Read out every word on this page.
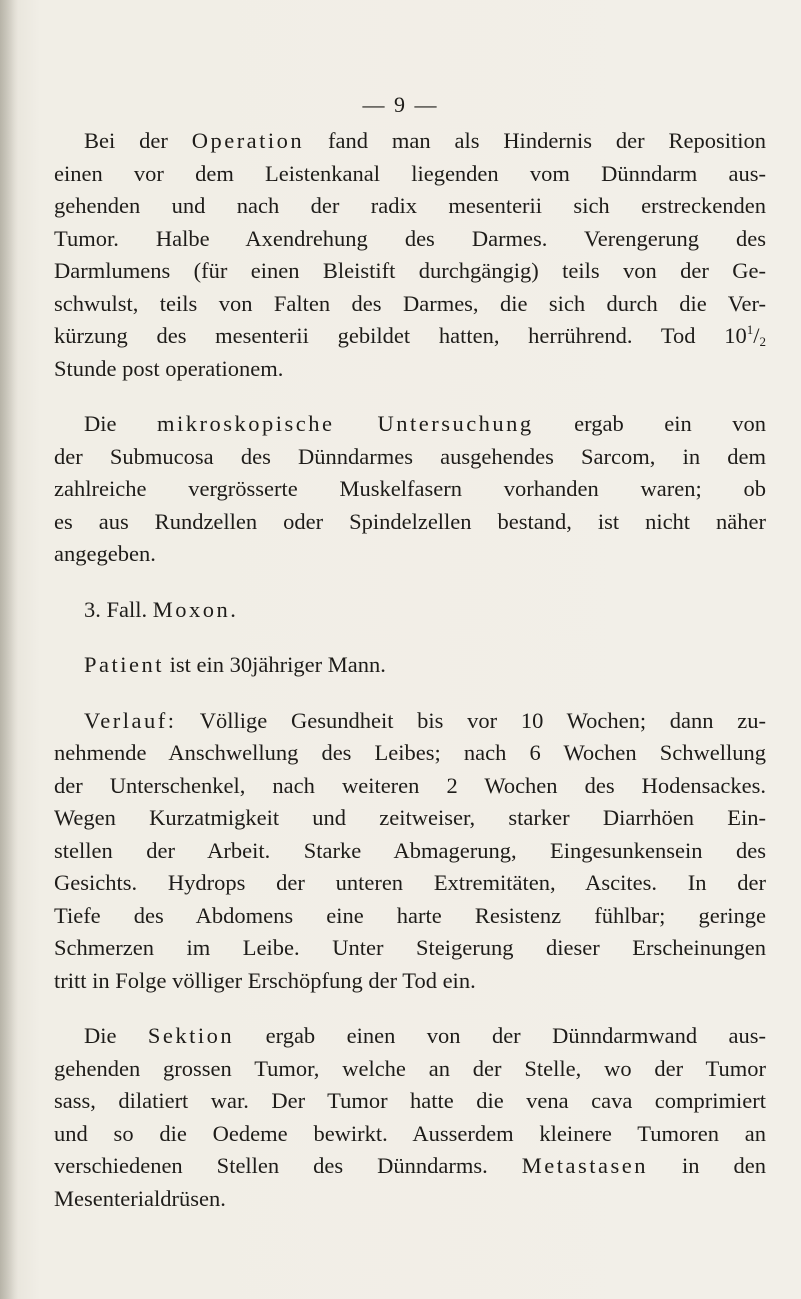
— 9 —
Bei der Operation fand man als Hindernis der Reposition
einen vor dem Leistenkanal liegenden vom Dünndarm aus-
gehenden und nach der radix mesenterii sich erstreckenden
Tumor. Halbe Axendrehung des Darmes. Verengerung des
Darmlumens (für einen Bleistift durchgängig) teils von der Ge-
schwulst, teils von Falten des Darmes, die sich durch die Ver-
kürzung des mesenterii gebildet hatten, herrührend. Tod $10^1/_2$
Stunde post operationem.
Die mikroskopische Untersuchung ergab ein von
der Submucosa des Dünndarmes ausgehendes Sarcom, in dem
zahlreiche vergrösserte Muskelfasern vorhanden waren; ob
es aus Rundzellen oder Spindelzellen bestand, ist nicht näher
angegeben.
3. Fall. Moxon.
Patient ist ein 30jähriger Mann.
Verlauf: Völlige Gesundheit bis vor 10 Wochen; dann zu-
nehmende Anschwellung des Leibes; nach 6 Wochen Schwellung
der Unterschenkel, nach weiteren 2 Wochen des Hodensackes.
Wegen Kurzatmigkeit und zeitweiser, starker Diarrhöen Ein-
stellen der Arbeit. Starke Abmagerung, Eingesunkensein des
Gesichts. Hydrops der unteren Extremitäten, Ascites. In der
Tiefe des Abdomens eine harte Resistenz fühlbar; geringe
Schmerzen im Leibe. Unter Steigerung dieser Erscheinungen
tritt in Folge völliger Erschöpfung der Tod ein.
Die Sektion ergab einen von der Dünndarmwand aus-
gehenden grossen Tumor, welche an der Stelle, wo der Tumor
sass, dilatiert war. Der Tumor hatte die vena cava comprimiert
und so die Oedeme bewirkt. Ausserdem kleinere Tumoren an
verschiedenen Stellen des Dünndarms. Metastasen in den
Mesenterialdrüsen.
